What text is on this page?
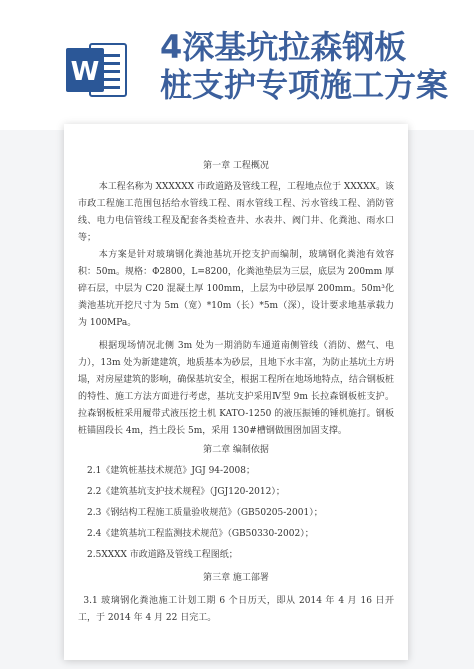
W
4深基坑拉森钢板
桩支护专项施工方案

第一章 工程概况

本工程名称为 XXXXXX 市政道路及管线工程，工程地点位于 XXXXX。该市政工程施工范围包括给水管线工程、雨水管线工程、污水管线工程、消防管线、电力电信管线工程及配套各类检查井、水表井、阀门井、化粪池、雨水口等；

本方案是针对玻璃钢化粪池基坑开挖支护而编制，玻璃钢化粪池有效容积：50m。规格：Φ2800，L=8200，化粪池垫层为三层，底层为 200mm 厚碎石层，中层为 C20 混凝土厚 100mm，上层为中砂层厚 200mm。50m³化粪池基坑开挖尺寸为 5m（宽）*10m（长）*5m（深），设计要求地基承载力为 100MPa。

根据现场情况北侧 3m 处为一期消防车通道南侧管线（消防、燃气、电力），13m 处为新建建筑，地质基本为砂层，且地下水丰富，为防止基坑土方坍塌，对房屋建筑的影响，确保基坑安全，根据工程所在地场地特点，结合钢板桩的特性、施工方法方面进行考虑，基坑支护采用Ⅳ型 9m 长拉森钢板桩支护。拉森钢板桩采用履带式液压挖土机 KATO-1250 的液压振锤的锤机施打。钢板桩锚固段长 4m，挡土段长 5m，采用 130#槽钢做围囹加固支撑。

第二章 编制依据

2.1《建筑桩基技术规范》JGJ 94-2008；

2.2《建筑基坑支护技术规程》（JGJ120-2012）；

2.3《钢结构工程施工质量验收规范》（GB50205-2001）；

2.4《建筑基坑工程监测技术规范》（GB50330-2002）；

2.5XXXX 市政道路及管线工程图纸；

第三章 施工部署

3.1 玻璃钢化粪池施工计划工期 6 个日历天，即从 2014 年 4 月 16 日开工，于 2014 年 4 月 22 日完工。
